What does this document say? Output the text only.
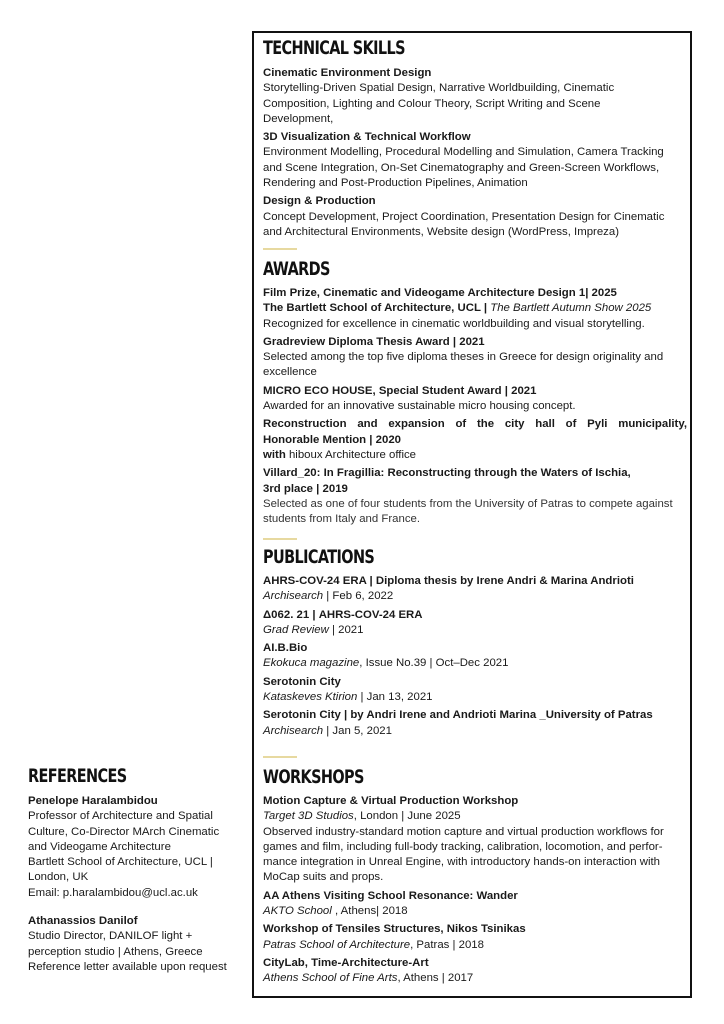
TECHNICAL SKILLS

Cinematic Environment Design

Storytelling-Driven Spatial Design, Narrative Worldbuilding, Cinematic

Composition, Lighting and Colour Theory, Script Writing and Scene

Development,

3D Visualization & Technical Workflow

Environment Modelling, Procedural Modelling and Simulation, Camera Tracking

and Scene Integration, On-Set Cinematography and Green-Screen Workflows,

Rendering and Post-Production Pipelines, Animation

Design & Production

Concept Development, Project Coordination, Presentation Design for Cinematic

and Architectural Environments, Website design (WordPress, Impreza)

AWARDS

Film Prize, Cinematic and Videogame Architecture Design 1| 2025

The Bartlett School of Architecture, UCL | The Bartlett Autumn Show 2025

Recognized for excellence in cinematic worldbuilding and visual storytelling.

Gradreview Diploma Thesis Award | 2021

Selected among the top five diploma theses in Greece for design originality and

excellence

MICRO ECO HOUSE, Special Student Award | 2021

Awarded for an innovative sustainable micro housing concept.

Reconstruction and expansion of the city hall of Pyli municipality,

Honorable Mention | 2020

with hiboux Architecture office

Villard_20: In Fragillia: Reconstructing through the Waters of Ischia,

3rd place | 2019

Selected as one of four students from the University of Patras to compete against

students from Italy and France.

PUBLICATIONS

AHRS-COV-24 ERA | Diploma thesis by Irene Andri & Marina Andrioti

Archisearch | Feb 6, 2022

Δ062. 21 | AHRS-COV-24 ERA

Grad Review | 2021

AI.B.Bio

Ekokuca magazine, Issue No.39 | Oct–Dec 2021

Serotonin City

Kataskeves Ktirion | Jan 13, 2021

Serotonin City | by Andri Irene and Andrioti Marina _University of Patras

Archisearch | Jan 5, 2021

WORKSHOPS

Motion Capture & Virtual Production Workshop

Target 3D Studios, London | June 2025

Observed industry-standard motion capture and virtual production workflows for

games and film, including full-body tracking, calibration, locomotion, and perfor-

mance integration in Unreal Engine, with introductory hands-on interaction with

MoCap suits and props.

AA Athens Visiting School Resonance: Wander

AKTO School , Athens| 2018

Workshop of Tensiles Structures, Nikos Tsinikas

Patras School of Architecture, Patras | 2018

CityLab, Time-Architecture-Art

Athens School of Fine Arts, Athens | 2017

REFERENCES

Penelope Haralambidou

Professor of Architecture and Spatial

Culture, Co-Director MArch Cinematic

and Videogame Architecture

Bartlett School of Architecture, UCL |

London, UK

Email: p.haralambidou@ucl.ac.uk

Athanassios Danilof

Studio Director, DANILOF light +

perception studio | Athens, Greece

Reference letter available upon request
